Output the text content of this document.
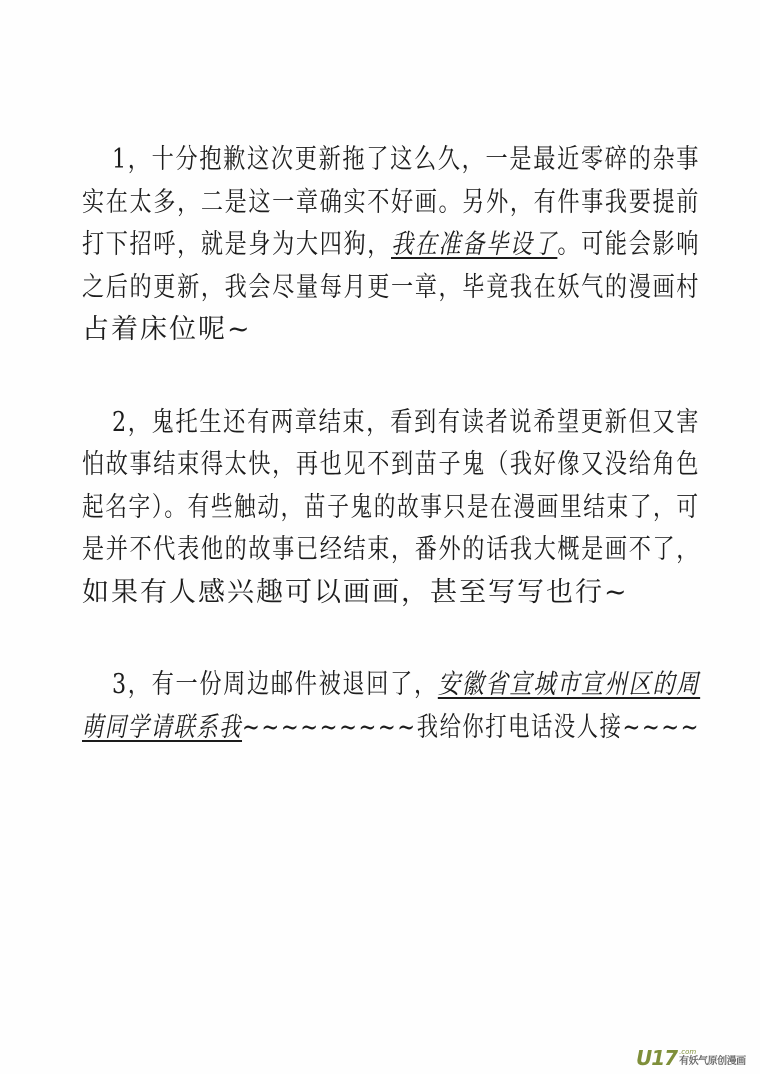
1，十分抱歉这次更新拖了这么久，一是最近零碎的杂事
实在太多，二是这一章确实不好画。另外，有件事我要提前
打下招呼，就是身为大四狗，我在准备毕设了。可能会影响
之后的更新，我会尽量每月更一章，毕竟我在妖气的漫画村
占着床位呢~
2，鬼托生还有两章结束，看到有读者说希望更新但又害
怕故事结束得太快，再也见不到苗子鬼（我好像又没给角色
起名字）。有些触动，苗子鬼的故事只是在漫画里结束了，可
是并不代表他的故事已经结束，番外的话我大概是画不了，
如果有人感兴趣可以画画，甚至写写也行~
3，有一份周边邮件被退回了，安徽省宣城市宣州区的周
萌同学请联系我~~~~~~~~~我给你打电话没人接~~~~
U17 .com
有妖气原创漫画
